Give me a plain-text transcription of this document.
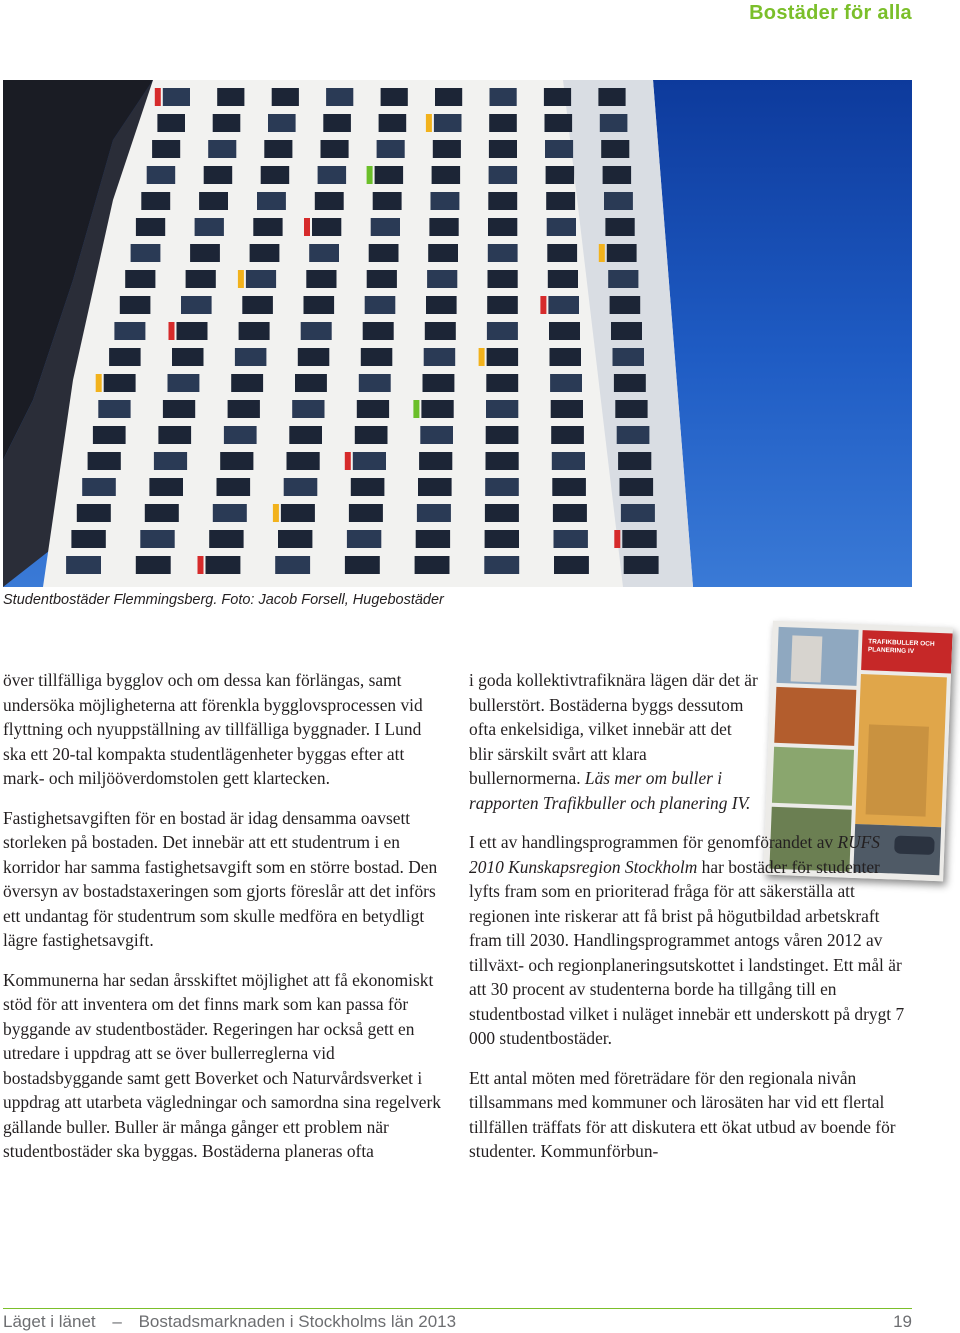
Bostäder för alla
Studentbostäder Flemmingsberg. Foto: Jacob Forsell, Hugebostäder

över tillfälliga bygglov och om dessa kan förlängas, samt undersöka möjligheterna att förenkla bygglovsprocessen vid flyttning och nyuppställning av tillfälliga byggnader. I Lund ska ett 20-tal kompakta studentlägenheter byggas efter att mark- och miljööverdomstolen gett klartecken.

Fastighetsavgiften för en bostad är idag densamma oavsett storleken på bostaden. Det innebär att ett studentrum i en korridor har samma fastighetsavgift som en större bostad. Den översyn av bostadstaxeringen som gjorts föreslår att det införs ett undantag för studentrum som skulle medföra en betydligt lägre fastighetsavgift.

Kommunerna har sedan årsskiftet möjlighet att få ekonomiskt stöd för att inventera om det finns mark som kan passa för byggande av studentbostäder. Regeringen har också gett en utredare i uppdrag att se över bullerreglerna vid bostadsbyggande samt gett Boverket och Naturvårdsverket i uppdrag att utarbeta vägledningar och samordna sina regelverk gällande buller. Buller är många gånger ett problem när studentbostäder ska byggas. Bostäderna planeras ofta

TRAFIKBULLER OCH PLANERING IV

i goda kollektivtrafiknära lägen där det är bullerstört. Bostäderna byggs dessutom ofta enkelsidiga, vilket innebär att det blir särskilt svårt att klara bullernormerna. Läs mer om buller i rapporten Trafikbuller och planering IV.

I ett av handlingsprogrammen för genomförandet av RUFS 2010 Kunskapsregion Stockholm har bostäder för studenter lyfts fram som en prioriterad fråga för att säkerställa att regionen inte riskerar att få brist på högutbildad arbetskraft fram till 2030. Handlingsprogrammet antogs våren 2012 av tillväxt- och regionplaneringsutskottet i landstinget. Ett mål är att 30 procent av studenterna borde ha tillgång till en studentbostad vilket i nuläget innebär ett underskott på drygt 7 000 studentbostäder.

Ett antal möten med företrädare för den regionala nivån tillsammans med kommuner och lärosäten har vid ett flertal tillfällen träffats för att diskutera ett ökat utbud av boende för studenter. Kommunförbun-

Läget i länet – Bostadsmarknaden i Stockholms län 2013	19
